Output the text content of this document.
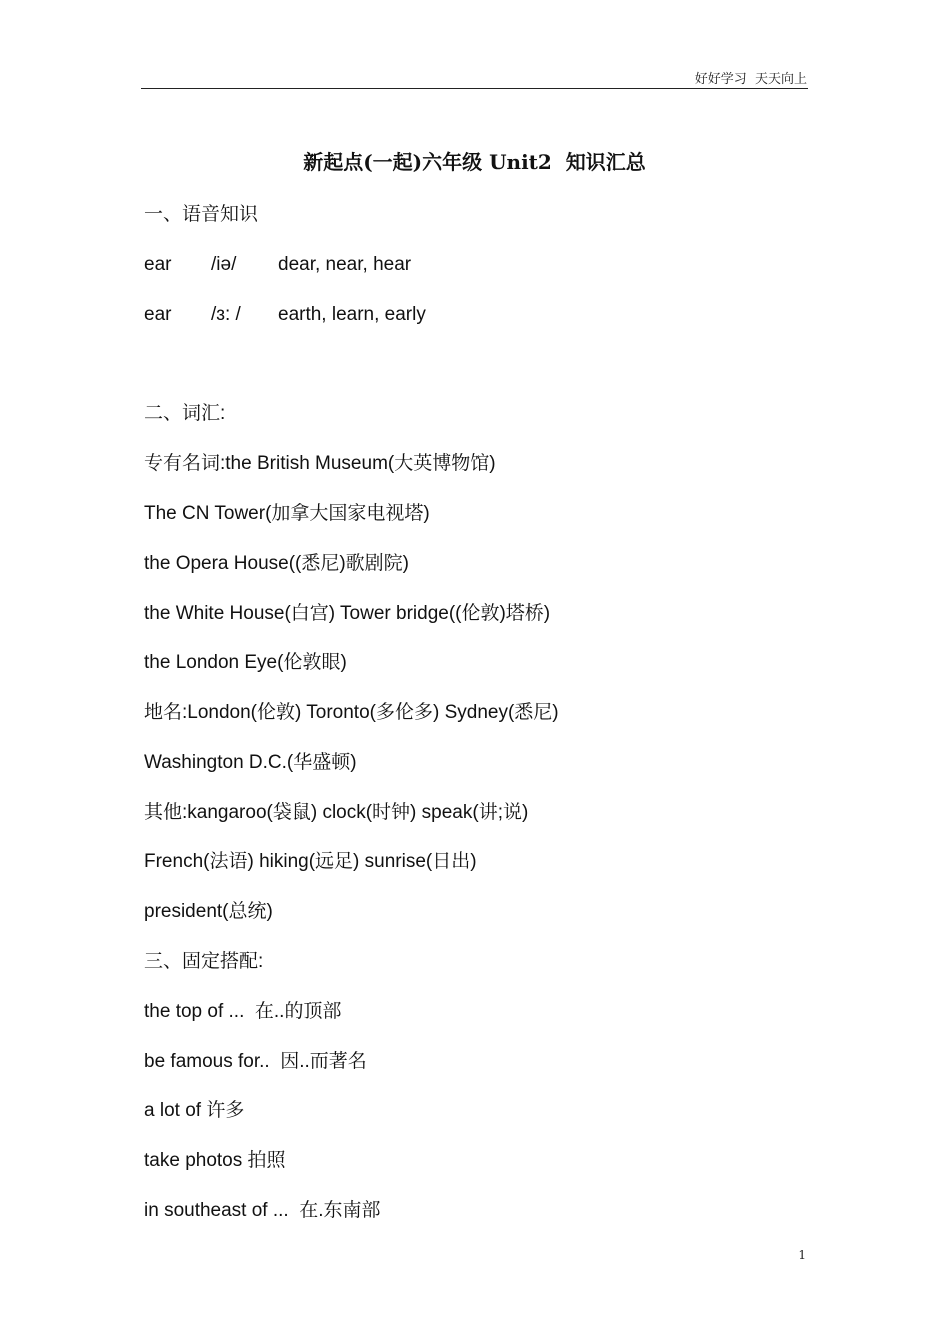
好好学习  天天向上
新起点(一起)六年级 Unit2  知识汇总
一、语音知识
ear /iə/ dear, near, hear
ear /ɜ: / earth, learn, early
二、词汇:
专有名词:the British Museum(大英博物馆)
The CN Tower(加拿大国家电视塔)
the Opera House((悉尼)歌剧院)
the White House(白宫) Tower bridge((伦敦)塔桥)
the London Eye(伦敦眼)
地名:London(伦敦) Toronto(多伦多) Sydney(悉尼)
Washington D.C.(华盛顿)
其他:kangaroo(袋鼠) clock(时钟) speak(讲;说)
French(法语) hiking(远足) sunrise(日出)
president(总统)
三、固定搭配:
the top of ...  在..的顶部
be famous for..  因..而著名
a lot of 许多
take photos 拍照
in southeast of ...  在.东南部
1
